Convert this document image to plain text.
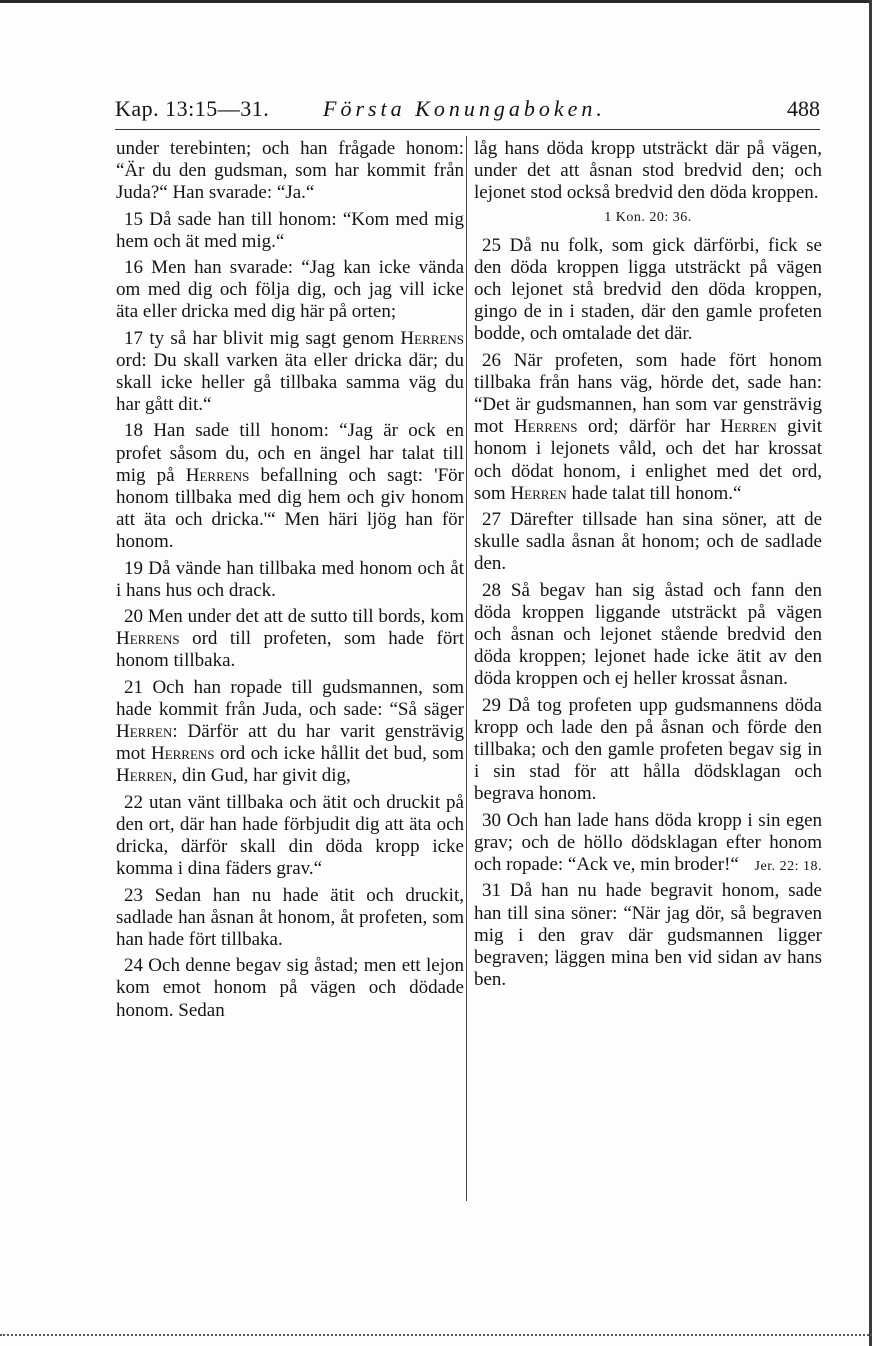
Kap. 13:15—31. Första Konungaboken.	488

under terebinten; och han frågade honom: “Är du den gudsman, som har kommit från Juda?“ Han svarade: “Ja.“

15 Då sade han till honom: “Kom med mig hem och ät med mig.“

16 Men han svarade: “Jag kan icke vända om med dig och följa dig, och jag vill icke äta eller dricka med dig här på orten;

17 ty så har blivit mig sagt genom Herrens ord: Du skall varken äta eller dricka där; du skall icke heller gå tillbaka samma väg du har gått dit.“

18 Han sade till honom: “Jag är ock en profet såsom du, och en ängel har talat till mig på Herrens befallning och sagt: 'För honom tillbaka med dig hem och giv honom att äta och dricka.'“ Men häri ljög han för honom.

19 Då vände han tillbaka med honom och åt i hans hus och drack.

20 Men under det att de sutto till bords, kom Herrens ord till profeten, som hade fört honom tillbaka.

21 Och han ropade till gudsmannen, som hade kommit från Juda, och sade: “Så säger Herren: Därför att du har varit gensträvig mot Herrens ord och icke hållit det bud, som Herren, din Gud, har givit dig,

22 utan vänt tillbaka och ätit och druckit på den ort, där han hade förbjudit dig att äta och dricka, därför skall din döda kropp icke komma i dina fäders grav.“

23 Sedan han nu hade ätit och druckit, sadlade han åsnan åt honom, åt profeten, som han hade fört tillbaka.

24 Och denne begav sig åstad; men ett lejon kom emot honom på vägen och dödade honom. Sedan

låg hans döda kropp utsträckt där på vägen, under det att åsnan stod bredvid den; och lejonet stod också bredvid den döda kroppen.

1 Kon. 20: 36.

25 Då nu folk, som gick därförbi, fick se den döda kroppen ligga utsträckt på vägen och lejonet stå bredvid den döda kroppen, gingo de in i staden, där den gamle profeten bodde, och omtalade det där.

26 När profeten, som hade fört honom tillbaka från hans väg, hörde det, sade han: “Det är gudsmannen, han som var gensträvig mot Herrens ord; därför har Herren givit honom i lejonets våld, och det har krossat och dödat honom, i enlighet med det ord, som Herren hade talat till honom.“

27 Därefter tillsade han sina söner, att de skulle sadla åsnan åt honom; och de sadlade den.

28 Så begav han sig åstad och fann den döda kroppen liggande utsträckt på vägen och åsnan och lejonet stående bredvid den döda kroppen; lejonet hade icke ätit av den döda kroppen och ej heller krossat åsnan.

29 Då tog profeten upp gudsmannens döda kropp och lade den på åsnan och förde den tillbaka; och den gamle profeten begav sig in i sin stad för att hålla dödsklagan och begrava honom.

30 Och han lade hans döda kropp i sin egen grav; och de höllo dödsklagan efter honom och ropade: “Ack ve, min broder!“	Jer. 22: 18.

31 Då han nu hade begravit honom, sade han till sina söner: “När jag dör, så begraven mig i den grav där gudsmannen ligger begraven; läggen mina ben vid sidan av hans ben.
